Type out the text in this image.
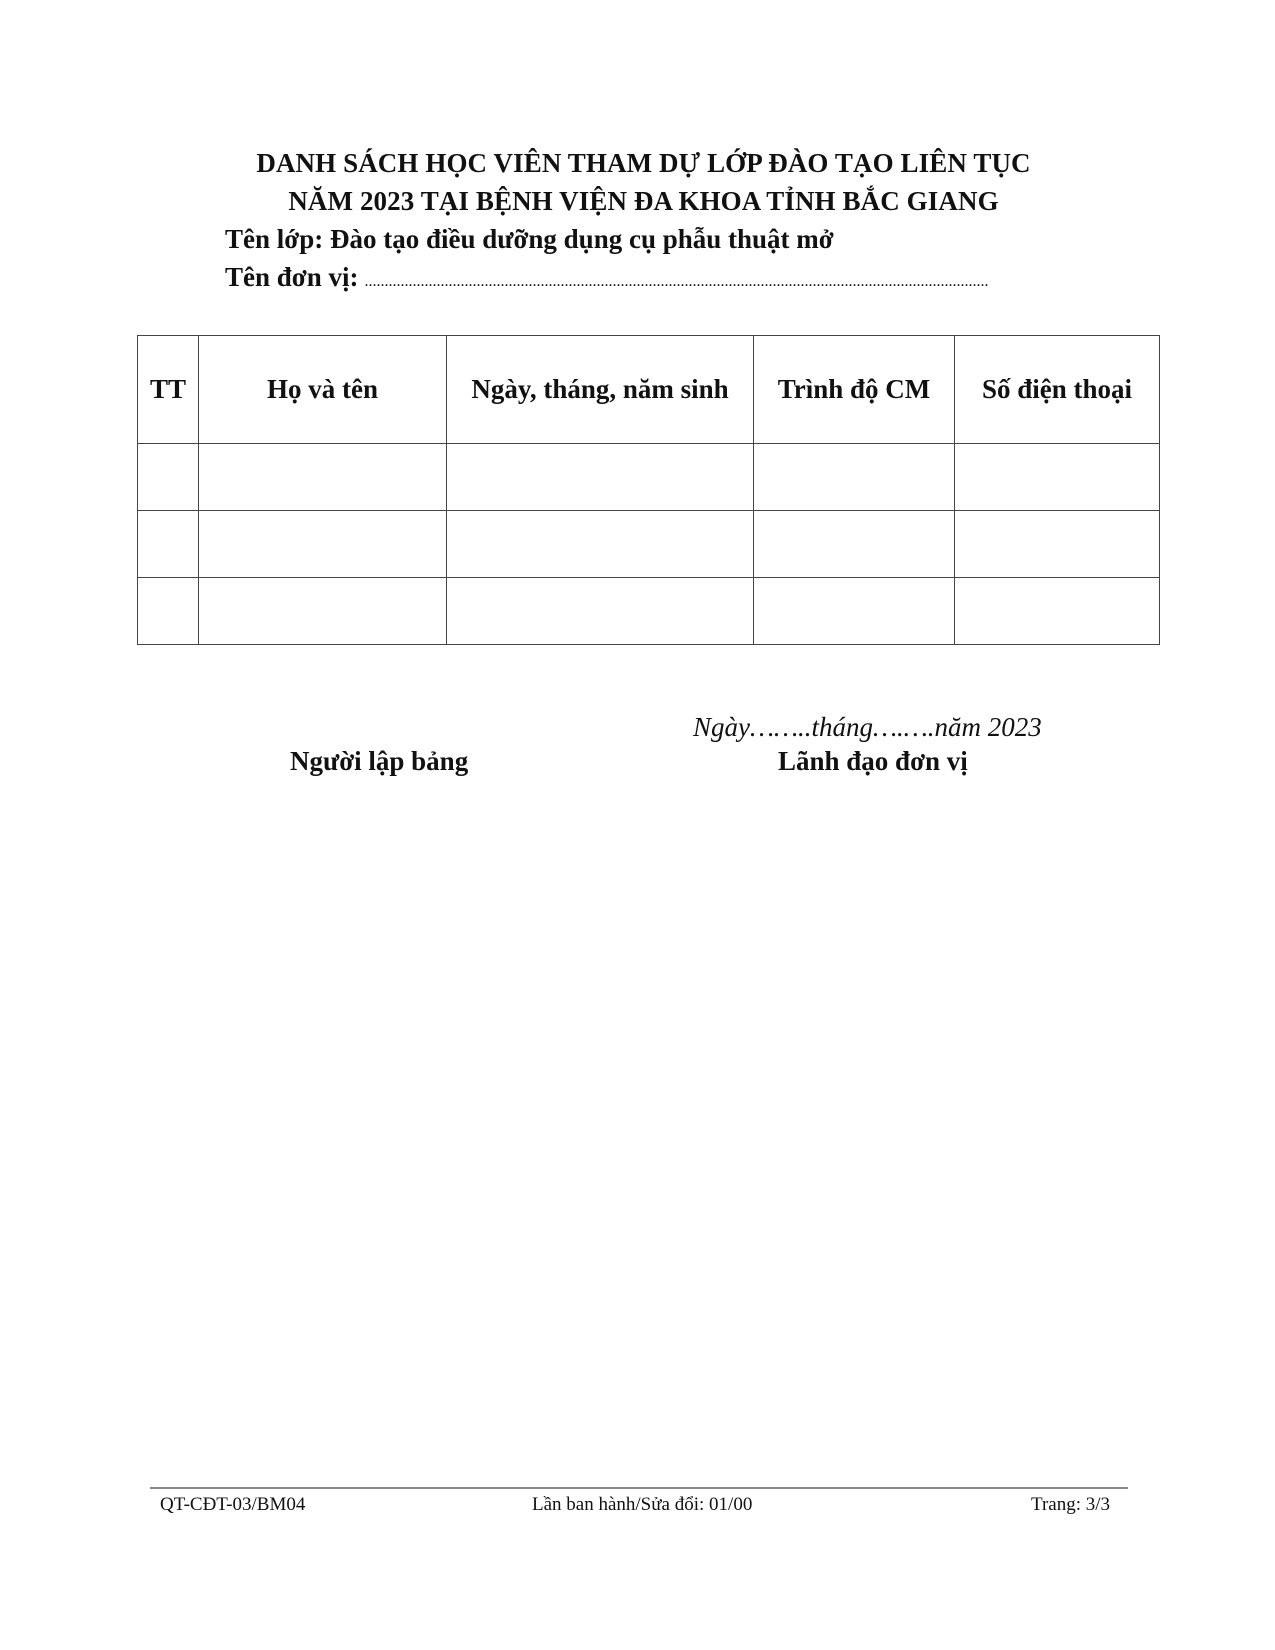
DANH SÁCH HỌC VIÊN THAM DỰ LỚP ĐÀO TẠO LIÊN TỤC
NĂM 2023 TẠI BỆNH VIỆN ĐA KHOA TỈNH BẮC GIANG
Tên lớp: Đào tạo điều dưỡng dụng cụ phẫu thuật mở
Tên đơn vị: ............................................................................................................................................................
TT	Họ và tên	Ngày, tháng, năm sinh	Trình độ CM	Số điện thoại

Ngày……..tháng….….năm 2023
Người lập bảng	Lãnh đạo đơn vị
QT-CĐT-03/BM04	Lần ban hành/Sửa đổi: 01/00	Trang: 3/3
